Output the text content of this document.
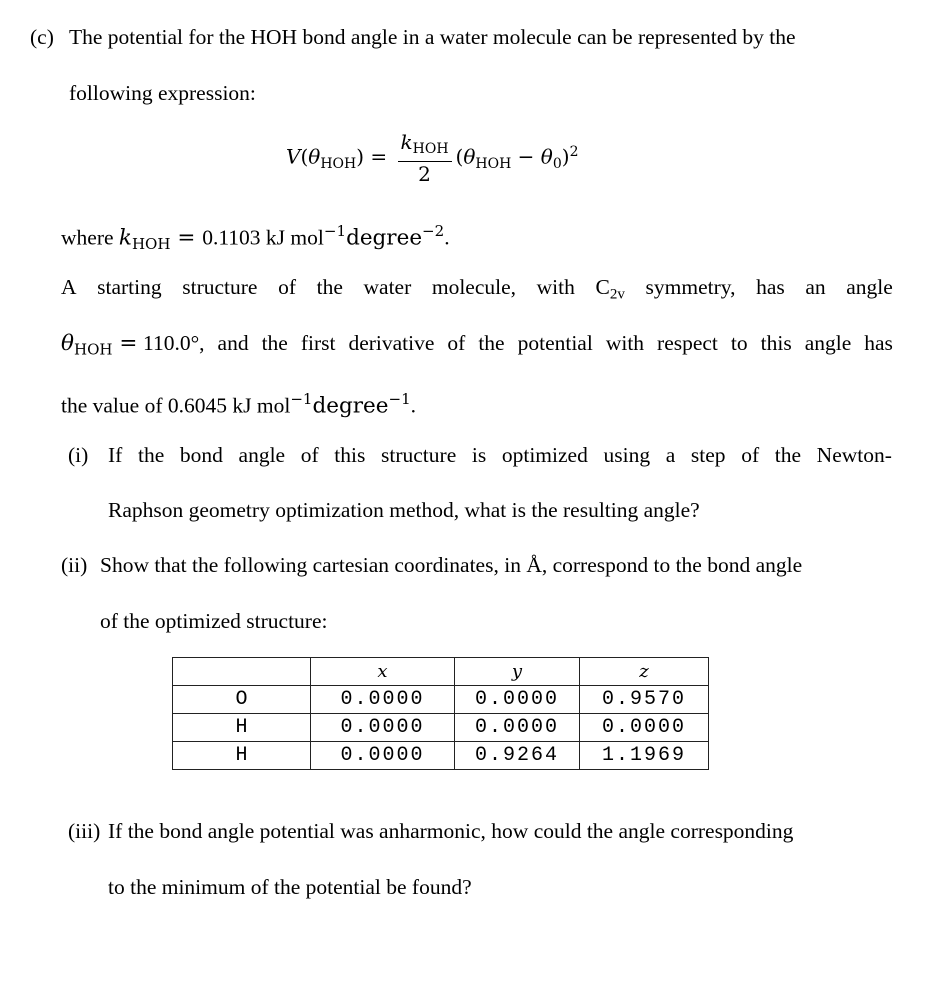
(c) The potential for the HOH bond angle in a water molecule can be represented by the
following expression:
$V(\theta_{HOH}) = \frac{k_{HOH}}{2} (\theta_{HOH} - \theta_0)^2$
where $k_{HOH} = 0.1103$ kJ mol$^{-1}$degree$^{-2}$.
A starting structure of the water molecule, with $C_{2v}$ symmetry, has an angle
$\theta_{HOH} = 110.0^\circ$, and the first derivative of the potential with respect to this angle has
the value of 0.6045 kJ mol$^{-1}$degree$^{-1}$.
(i) If the bond angle of this structure is optimized using a step of the Newton-
Raphson geometry optimization method, what is the resulting angle?
(ii) Show that the following cartesian coordinates, in Å, correspond to the bond angle
of the optimized structure:
	x	y	z
O	0.0000	0.0000	0.9570
H	0.0000	0.0000	0.0000
H	0.0000	0.9264	1.1969
(iii) If the bond angle potential was anharmonic, how could the angle corresponding
to the minimum of the potential be found?
